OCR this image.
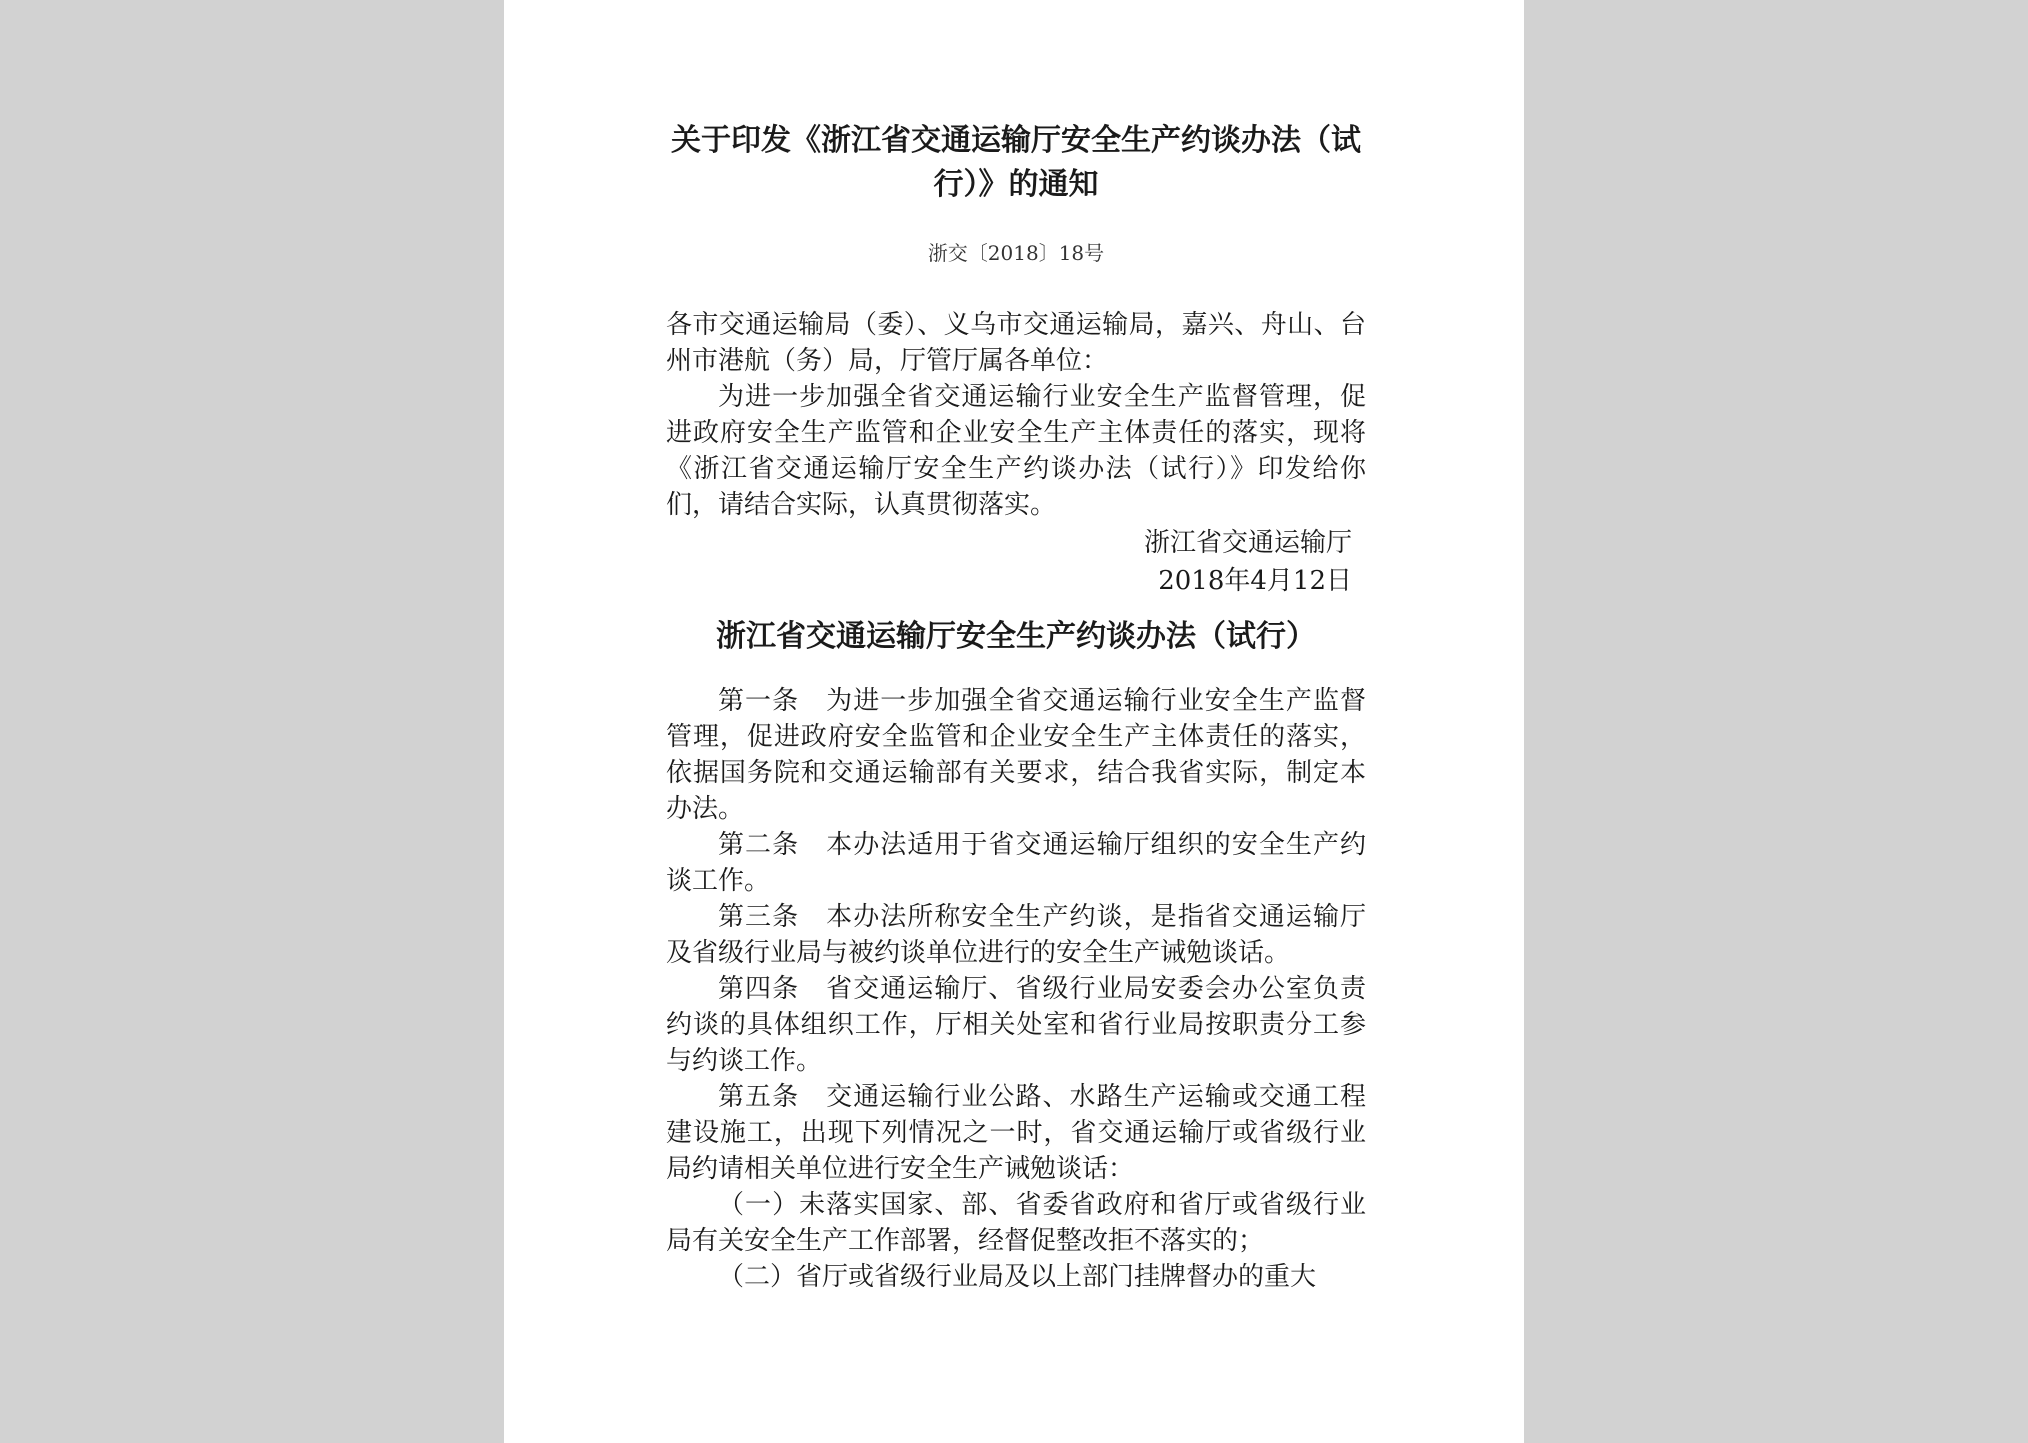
关于印发《浙江省交通运输厅安全生产约谈办法（试行）》的通知
浙交〔2018〕18号

各市交通运输局（委）、义乌市交通运输局，嘉兴、舟山、台州市港航（务）局，厅管厅属各单位：

为进一步加强全省交通运输行业安全生产监督管理，促进政府安全生产监管和企业安全生产主体责任的落实，现将《浙江省交通运输厅安全生产约谈办法（试行）》印发给你们，请结合实际，认真贯彻落实。

浙江省交通运输厅
2018年4月12日
浙江省交通运输厅安全生产约谈办法（试行）

第一条　为进一步加强全省交通运输行业安全生产监督管理，促进政府安全监管和企业安全生产主体责任的落实，依据国务院和交通运输部有关要求，结合我省实际，制定本办法。

第二条　本办法适用于省交通运输厅组织的安全生产约谈工作。

第三条　本办法所称安全生产约谈，是指省交通运输厅及省级行业局与被约谈单位进行的安全生产诫勉谈话。

第四条　省交通运输厅、省级行业局安委会办公室负责约谈的具体组织工作，厅相关处室和省行业局按职责分工参与约谈工作。

第五条　交通运输行业公路、水路生产运输或交通工程建设施工，出现下列情况之一时，省交通运输厅或省级行业局约请相关单位进行安全生产诫勉谈话：

（一）未落实国家、部、省委省政府和省厅或省级行业局有关安全生产工作部署，经督促整改拒不落实的；

（二）省厅或省级行业局及以上部门挂牌督办的重大
